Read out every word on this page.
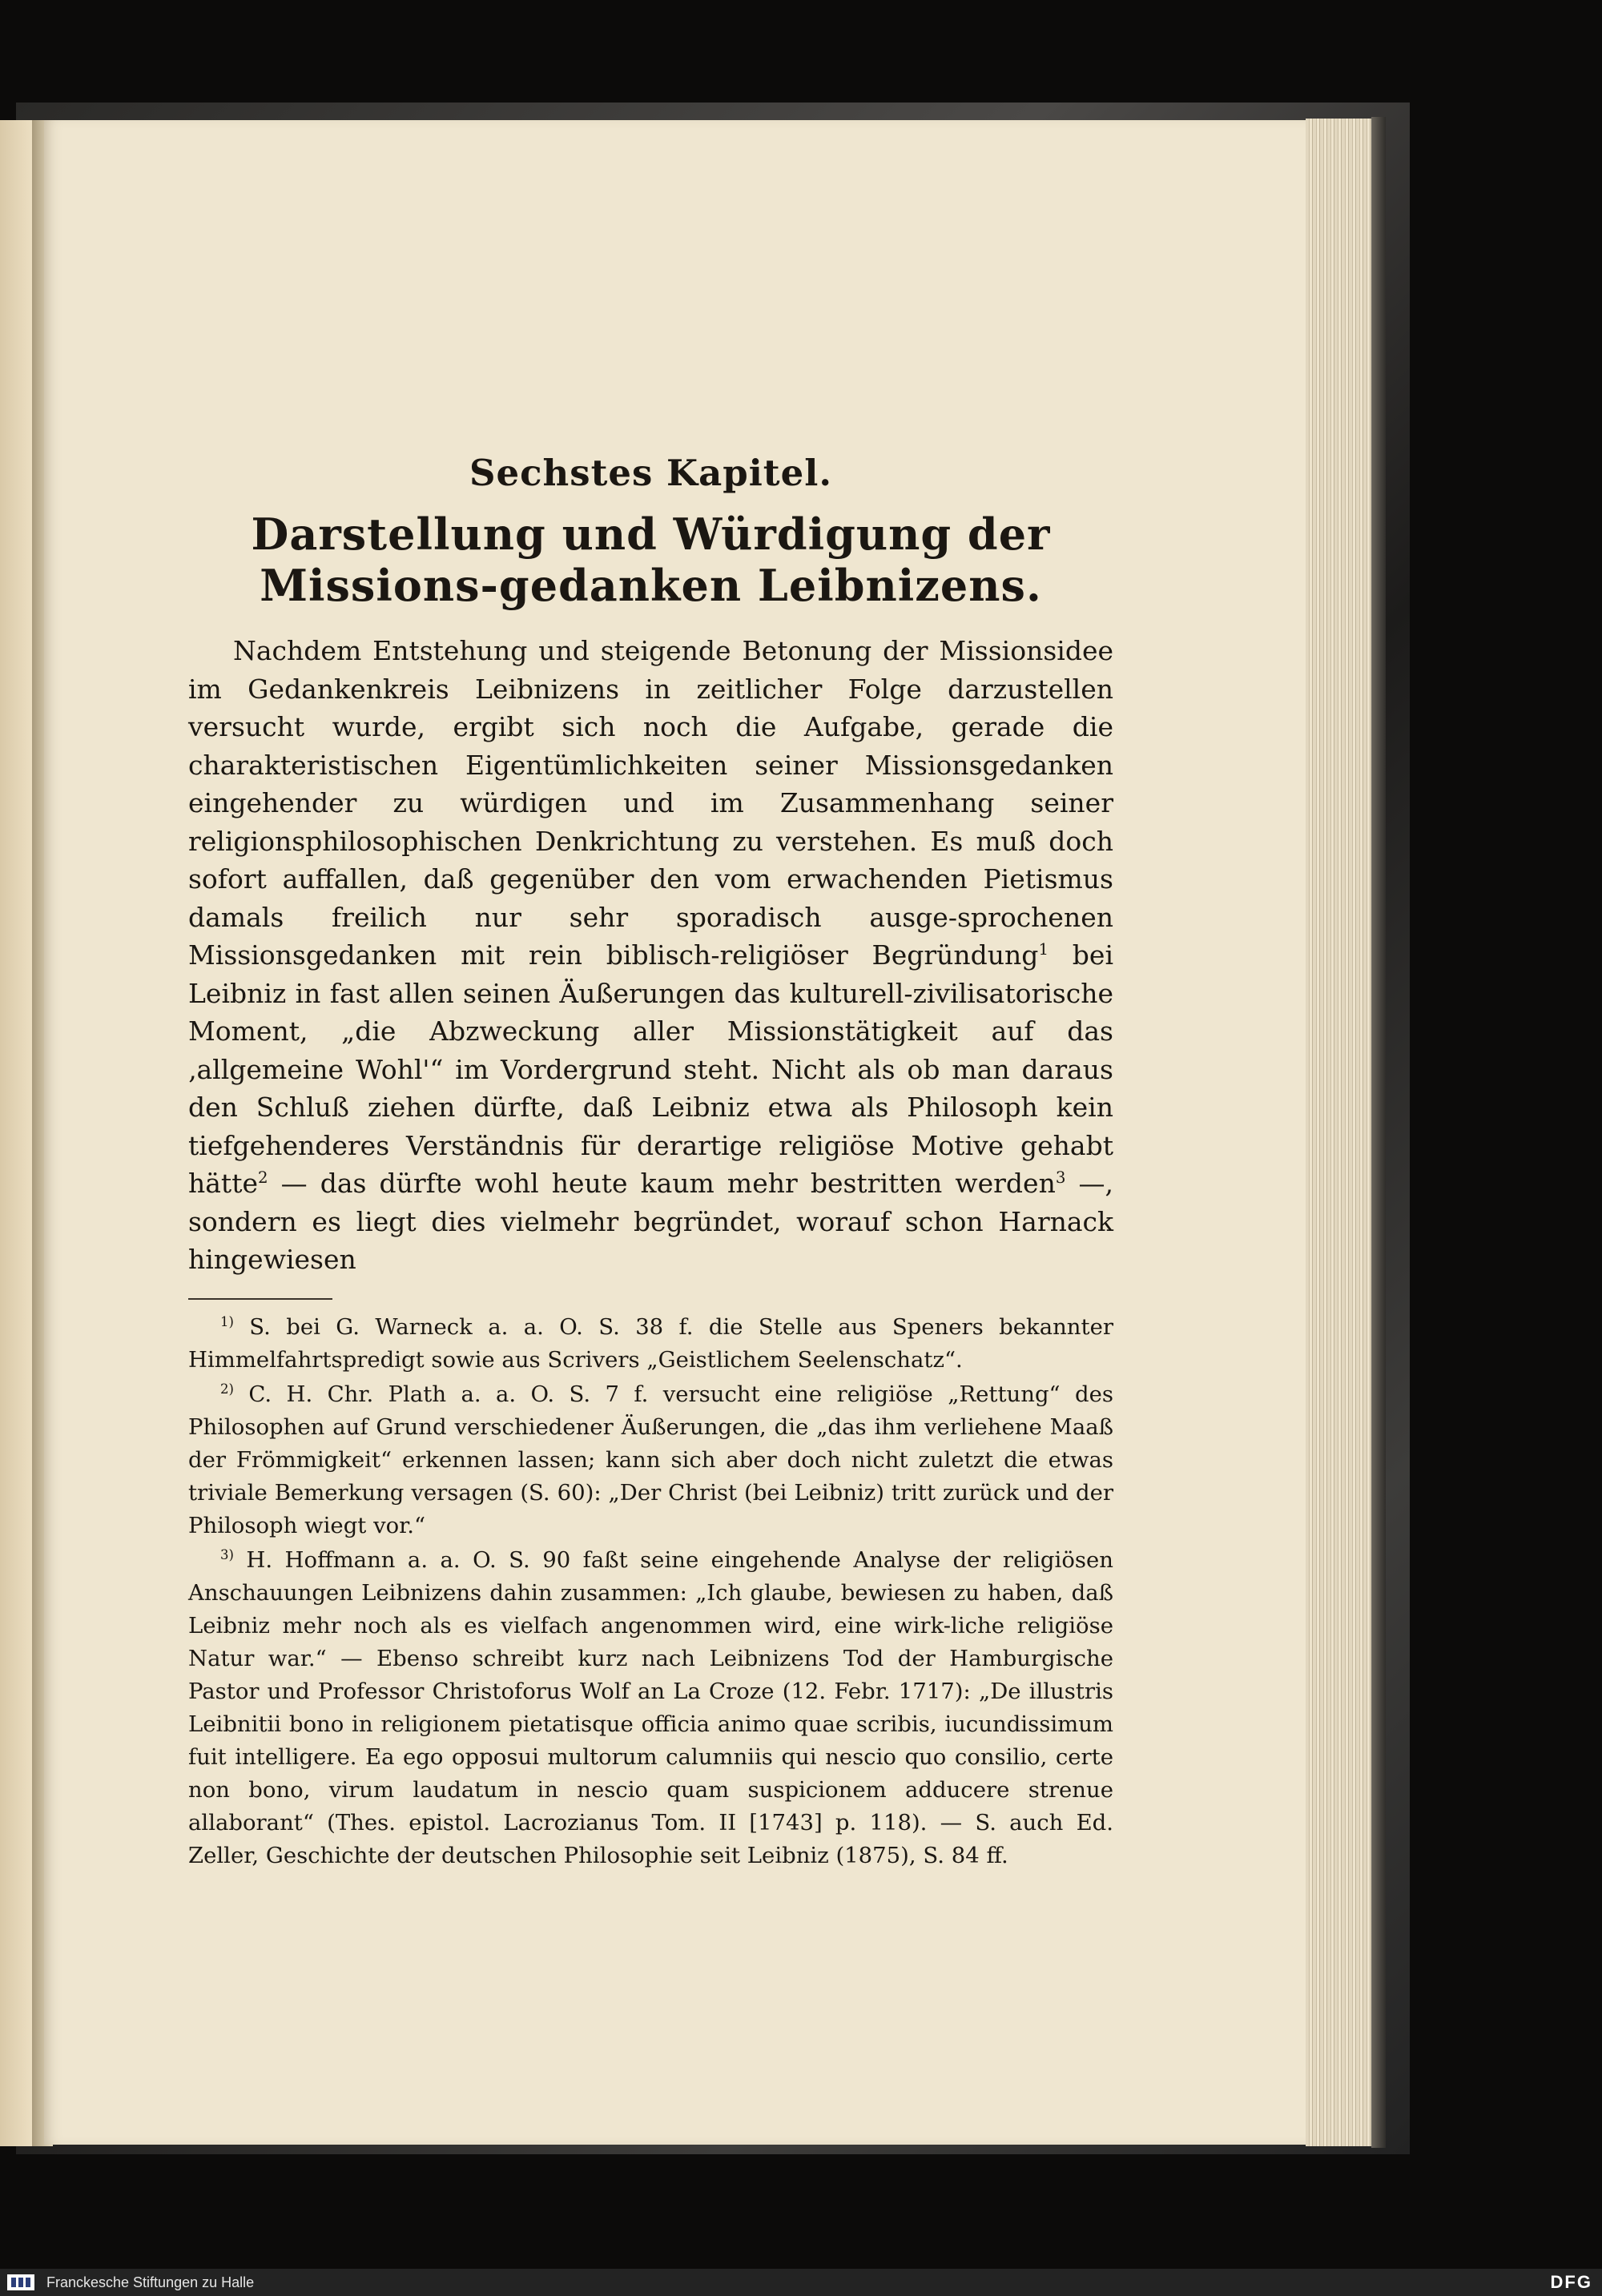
Sechstes Kapitel.
Darstellung und Würdigung der Missions-gedanken Leibnizens.

Nachdem Entstehung und steigende Betonung der Missionsidee im Gedankenkreis Leibnizens in zeitlicher Folge darzustellen versucht wurde, ergibt sich noch die Aufgabe, gerade die charakteristischen Eigentümlichkeiten seiner Missionsgedanken eingehender zu würdigen und im Zusammenhang seiner religionsphilosophischen Denkrichtung zu verstehen. Es muß doch sofort auffallen, daß gegenüber den vom erwachenden Pietismus damals freilich nur sehr sporadisch ausge-sprochenen Missionsgedanken mit rein biblisch-religiöser Begründung$^1$ bei Leibniz in fast allen seinen Äußerungen das kulturell-zivilisatorische Moment, „die Abzweckung aller Missionstätigkeit auf das ‚allgemeine Wohl'“ im Vordergrund steht. Nicht als ob man daraus den Schluß ziehen dürfte, daß Leibniz etwa als Philosoph kein tiefgehenderes Verständnis für derartige religiöse Motive gehabt hätte$^2$ — das dürfte wohl heute kaum mehr bestritten werden$^3$ —, sondern es liegt dies vielmehr begründet, worauf schon Harnack hingewiesen

$^{1)}$ S. bei G. Warneck a. a. O. S. 38 f. die Stelle aus Speners bekannter Himmelfahrtspredigt sowie aus Scrivers „Geistlichem Seelenschatz“.

$^{2)}$ C. H. Chr. Plath a. a. O. S. 7 f. versucht eine religiöse „Rettung“ des Philosophen auf Grund verschiedener Äußerungen, die „das ihm verliehene Maaß der Frömmigkeit“ erkennen lassen; kann sich aber doch nicht zuletzt die etwas triviale Bemerkung versagen (S. 60): „Der Christ (bei Leibniz) tritt zurück und der Philosoph wiegt vor.“

$^{3)}$ H. Hoffmann a. a. O. S. 90 faßt seine eingehende Analyse der religiösen Anschauungen Leibnizens dahin zusammen: „Ich glaube, bewiesen zu haben, daß Leibniz mehr noch als es vielfach angenommen wird, eine wirk-liche religiöse Natur war.“ — Ebenso schreibt kurz nach Leibnizens Tod der Hamburgische Pastor und Professor Christoforus Wolf an La Croze (12. Febr. 1717): „De illustris Leibnitii bono in religionem pietatisque officia animo quae scribis, iucundissimum fuit intelligere. Ea ego opposui multorum calumniis qui nescio quo consilio, certe non bono, virum laudatum in nescio quam suspicionem adducere strenue allaborant“ (Thes. epistol. Lacrozianus Tom. II [1743] p. 118). — S. auch Ed. Zeller, Geschichte der deutschen Philosophie seit Leibniz (1875), S. 84 ff.

Franckesche Stiftungen zu Halle	DFG
